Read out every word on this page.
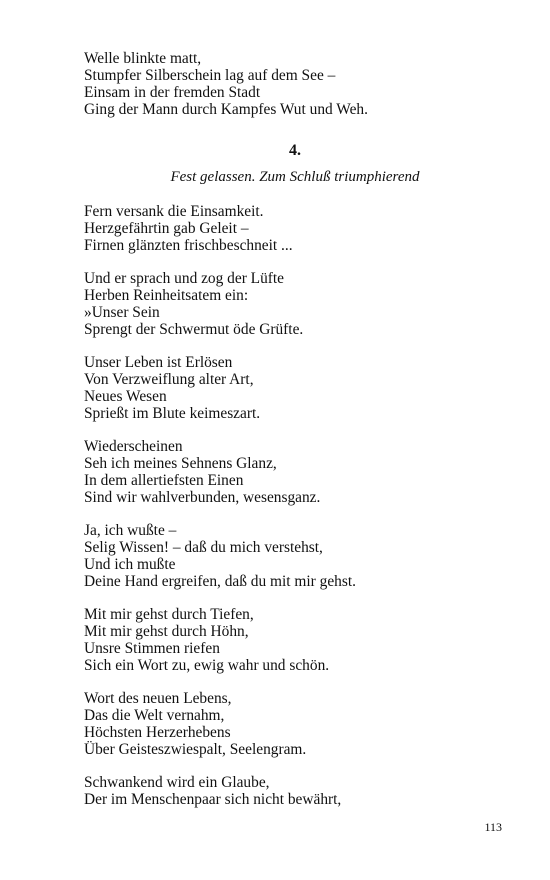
Welle blinkte matt,
Stumpfer Silberschein lag auf dem See –
Einsam in der fremden Stadt
Ging der Mann durch Kampfes Wut und Weh.
4.
Fest gelassen. Zum Schluß triumphierend
Fern versank die Einsamkeit.
Herzgefährtin gab Geleit –
Firnen glänzten frischbeschneit ...
Und er sprach und zog der Lüfte
Herben Reinheitsatem ein:
»Unser Sein
Sprengt der Schwermut öde Grüfte.
Unser Leben ist Erlösen
Von Verzweiflung alter Art,
Neues Wesen
Sprießt im Blute keimeszart.
Wiederscheinen
Seh ich meines Sehnens Glanz,
In dem allertiefsten Einen
Sind wir wahlverbunden, wesensganz.
Ja, ich wußte –
Selig Wissen! – daß du mich verstehst,
Und ich mußte
Deine Hand ergreifen, daß du mit mir gehst.
Mit mir gehst durch Tiefen,
Mit mir gehst durch Höhn,
Unsre Stimmen riefen
Sich ein Wort zu, ewig wahr und schön.
Wort des neuen Lebens,
Das die Welt vernahm,
Höchsten Herzerhebens
Über Geisteszwiespalt, Seelengram.
Schwankend wird ein Glaube,
Der im Menschenpaar sich nicht bewährt,
113
